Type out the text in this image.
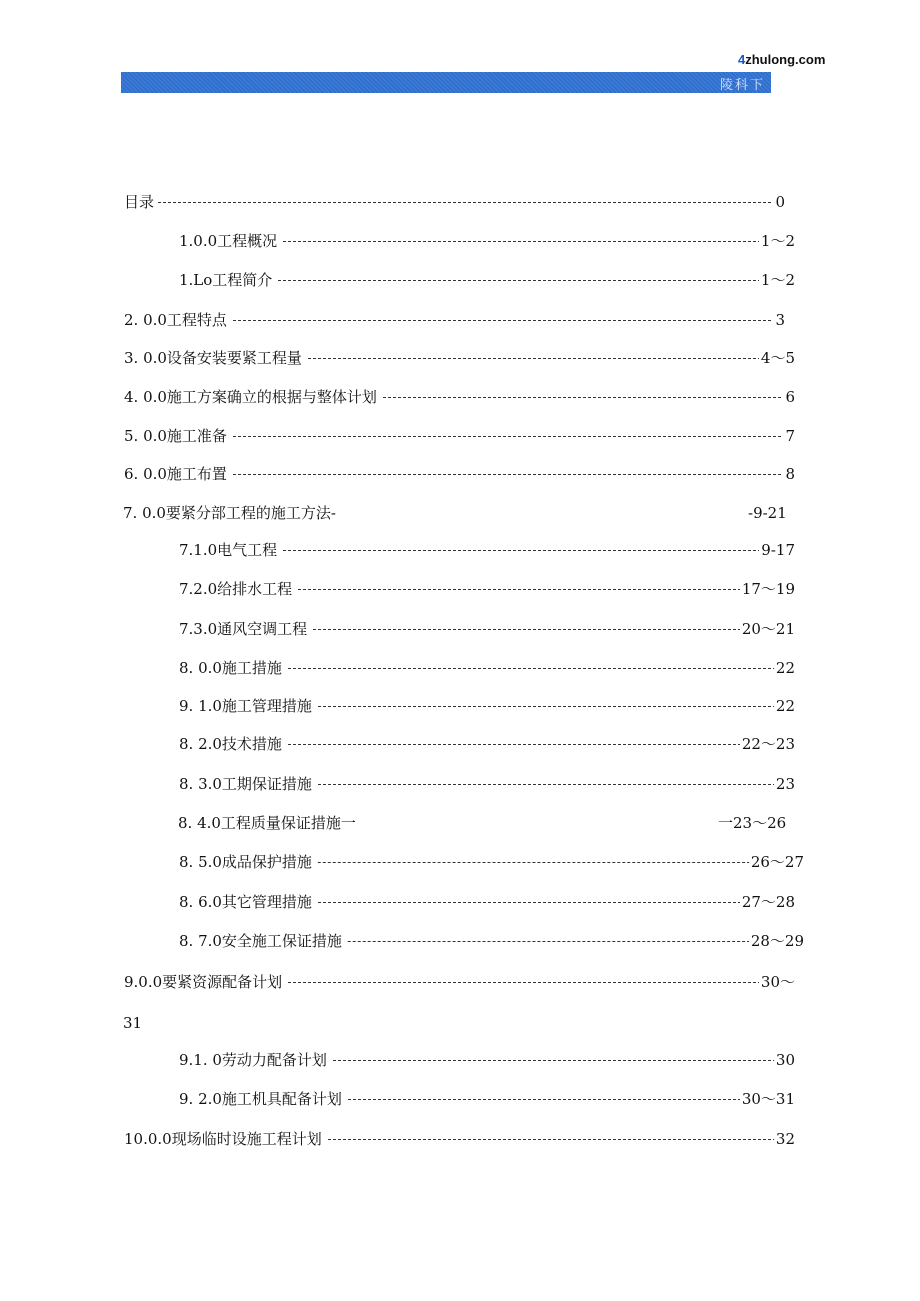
4zhulong.com
陵科下
目录	0
1.0.0工程概况	1～2
1.Lo工程简介	1～2
2. 0.0工程特点	3
3. 0.0设备安装要紧工程量	4～5
4. 0.0施工方案确立的根据与整体计划	6
5. 0.0施工准备	7
6. 0.0施工布置	8
7. 0.0要紧分部工程的施工方法-	-9-21
7.1.0电气工程	9-17
7.2.0给排水工程	17～19
7.3.0通风空调工程	20～21
8. 0.0施工措施	22
9. 1.0施工管理措施	22
8. 2.0技术措施	22～23
8. 3.0工期保证措施	23
8. 4.0工程质量保证措施一	一23～26
8. 5.0成品保护措施	26～27
8. 6.0其它管理措施	27～28
8. 7.0安全施工保证措施	28～29
9.0.0要紧资源配备计划	30～
31
9.1. 0劳动力配备计划	30
9. 2.0施工机具配备计划	30～31
10.0.0现场临时设施工程计划	32
